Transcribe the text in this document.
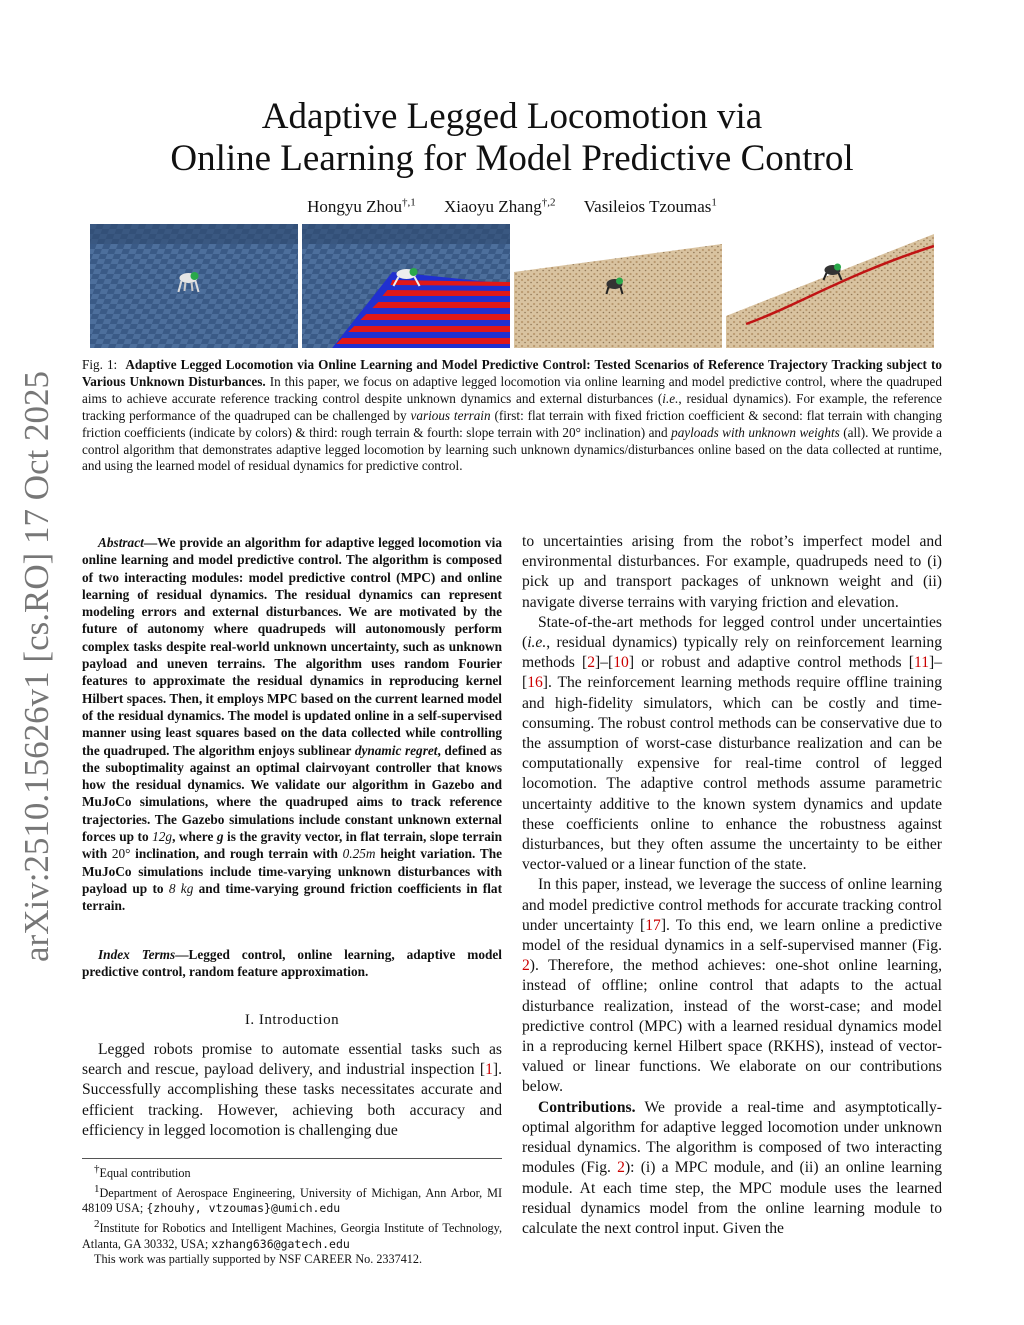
arXiv:2510.15626v1 [cs.RO] 17 Oct 2025
Adaptive Legged Locomotion via
Online Learning for Model Predictive Control
Hongyu Zhou$^{\dagger,1}$ Xiaoyu Zhang$^{\dagger,2}$ Vasileios Tzoumas$^1$
Fig. 1: Adaptive Legged Locomotion via Online Learning and Model Predictive Control: Tested Scenarios of Reference Trajectory Tracking subject to Various Unknown Disturbances. In this paper, we focus on adaptive legged locomotion via online learning and model predictive control, where the quadruped aims to achieve accurate reference tracking control despite unknown dynamics and external disturbances (i.e., residual dynamics). For example, the reference tracking performance of the quadruped can be challenged by various terrain (first: flat terrain with fixed friction coefficient & second: flat terrain with changing friction coefficients (indicate by colors) & third: rough terrain & fourth: slope terrain with 20° inclination) and payloads with unknown weights (all). We provide a control algorithm that demonstrates adaptive legged locomotion by learning such unknown dynamics/disturbances online based on the data collected at runtime, and using the learned model of residual dynamics for predictive control.

Abstract—We provide an algorithm for adaptive legged locomotion via online learning and model predictive control. The algorithm is composed of two interacting modules: model predictive control (MPC) and online learning of residual dynamics. The residual dynamics can represent modeling errors and external disturbances. We are motivated by the future of autonomy where quadrupeds will autonomously perform complex tasks despite real-world unknown uncertainty, such as unknown payload and uneven terrains. The algorithm uses random Fourier features to approximate the residual dynamics in reproducing kernel Hilbert spaces. Then, it employs MPC based on the current learned model of the residual dynamics. The model is updated online in a self-supervised manner using least squares based on the data collected while controlling the quadruped. The algorithm enjoys sublinear dynamic regret, defined as the suboptimality against an optimal clairvoyant controller that knows how the residual dynamics. We validate our algorithm in Gazebo and MuJoCo simulations, where the quadruped aims to track reference trajectories. The Gazebo simulations include constant unknown external forces up to 12g, where g is the gravity vector, in flat terrain, slope terrain with 20° inclination, and rough terrain with 0.25m height variation. The MuJoCo simulations include time-varying unknown disturbances with payload up to 8 kg and time-varying ground friction coefficients in flat terrain.

Index Terms—Legged control, online learning, adaptive model predictive control, random feature approximation.

I. Introduction

Legged robots promise to automate essential tasks such as search and rescue, payload delivery, and industrial inspection [1]. Successfully accomplishing these tasks necessitates accurate and efficient tracking. However, achieving both accuracy and efficiency in legged locomotion is challenging due

†Equal contribution

$^1$Department of Aerospace Engineering, University of Michigan, Ann Arbor, MI 48109 USA; {zhouhy, vtzoumas}@umich.edu

$^2$Institute for Robotics and Intelligent Machines, Georgia Institute of Technology, Atlanta, GA 30332, USA; xzhang636@gatech.edu

This work was partially supported by NSF CAREER No. 2337412.

to uncertainties arising from the robot’s imperfect model and environmental disturbances. For example, quadrupeds need to (i) pick up and transport packages of unknown weight and (ii) navigate diverse terrains with varying friction and elevation.

State-of-the-art methods for legged control under uncertainties (i.e., residual dynamics) typically rely on reinforcement learning methods [2]–[10] or robust and adaptive control methods [11]–[16]. The reinforcement learning methods require offline training and high-fidelity simulators, which can be costly and time-consuming. The robust control methods can be conservative due to the assumption of worst-case disturbance realization and can be computationally expensive for real-time control of legged locomotion. The adaptive control methods assume parametric uncertainty additive to the known system dynamics and update these coefficients online to enhance the robustness against disturbances, but they often assume the uncertainty to be either vector-valued or a linear function of the state.

In this paper, instead, we leverage the success of online learning and model predictive control methods for accurate tracking control under uncertainty [17]. To this end, we learn online a predictive model of the residual dynamics in a self-supervised manner (Fig. 2). Therefore, the method achieves: one-shot online learning, instead of offline; online control that adapts to the actual disturbance realization, instead of the worst-case; and model predictive control (MPC) with a learned residual dynamics model in a reproducing kernel Hilbert space (RKHS), instead of vector-valued or linear functions. We elaborate on our contributions below.

Contributions. We provide a real-time and asymptotically-optimal algorithm for adaptive legged locomotion under unknown residual dynamics. The algorithm is composed of two interacting modules (Fig. 2): (i) a MPC module, and (ii) an online learning module. At each time step, the MPC module uses the learned residual dynamics model from the online learning module to calculate the next control input. Given the
